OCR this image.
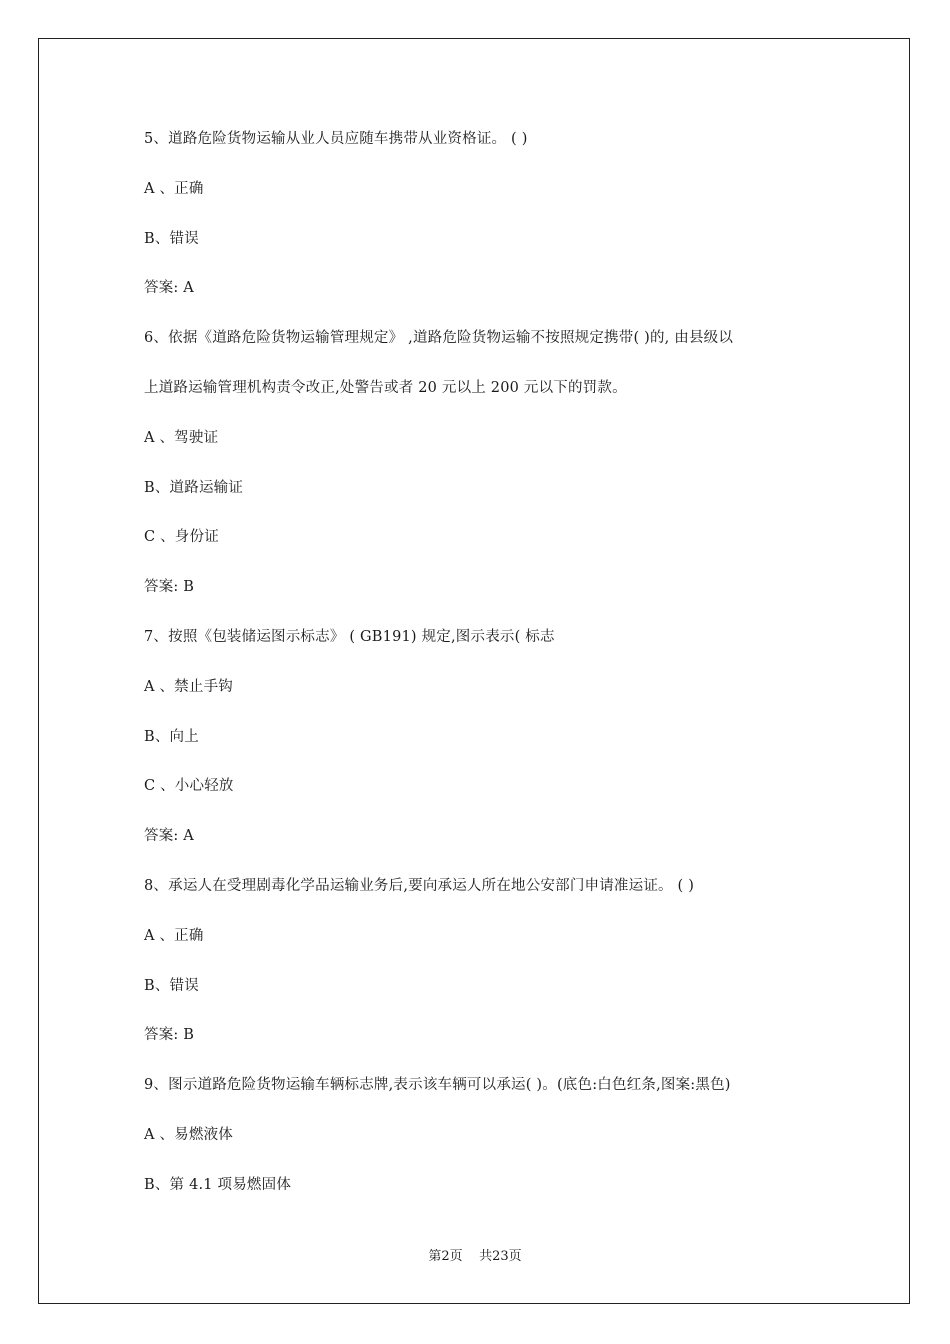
5、道路危险货物运输从业人员应随车携带从业资格证。 ( )
A 、正确
B、错误
答案: A
6、依据《道路危险货物运输管理规定》 ,道路危险货物运输不按照规定携带( )的, 由县级以
上道路运输管理机构责令改正,处警告或者 20 元以上 200 元以下的罚款。
A 、驾驶证
B、道路运输证
C 、身份证
答案: B
7、按照《包装储运图示标志》 ( GB191) 规定,图示表示( 标志
A 、禁止手钩
B、向上
C 、小心轻放
答案: A
8、承运人在受理剧毒化学品运输业务后,要向承运人所在地公安部门申请准运证。 ( )
A 、正确
B、错误
答案: B
9、图示道路危险货物运输车辆标志牌,表示该车辆可以承运( )。(底色:白色红条,图案:黑色)
A 、易燃液体
B、第 4.1 项易燃固体
第2页    共23页
